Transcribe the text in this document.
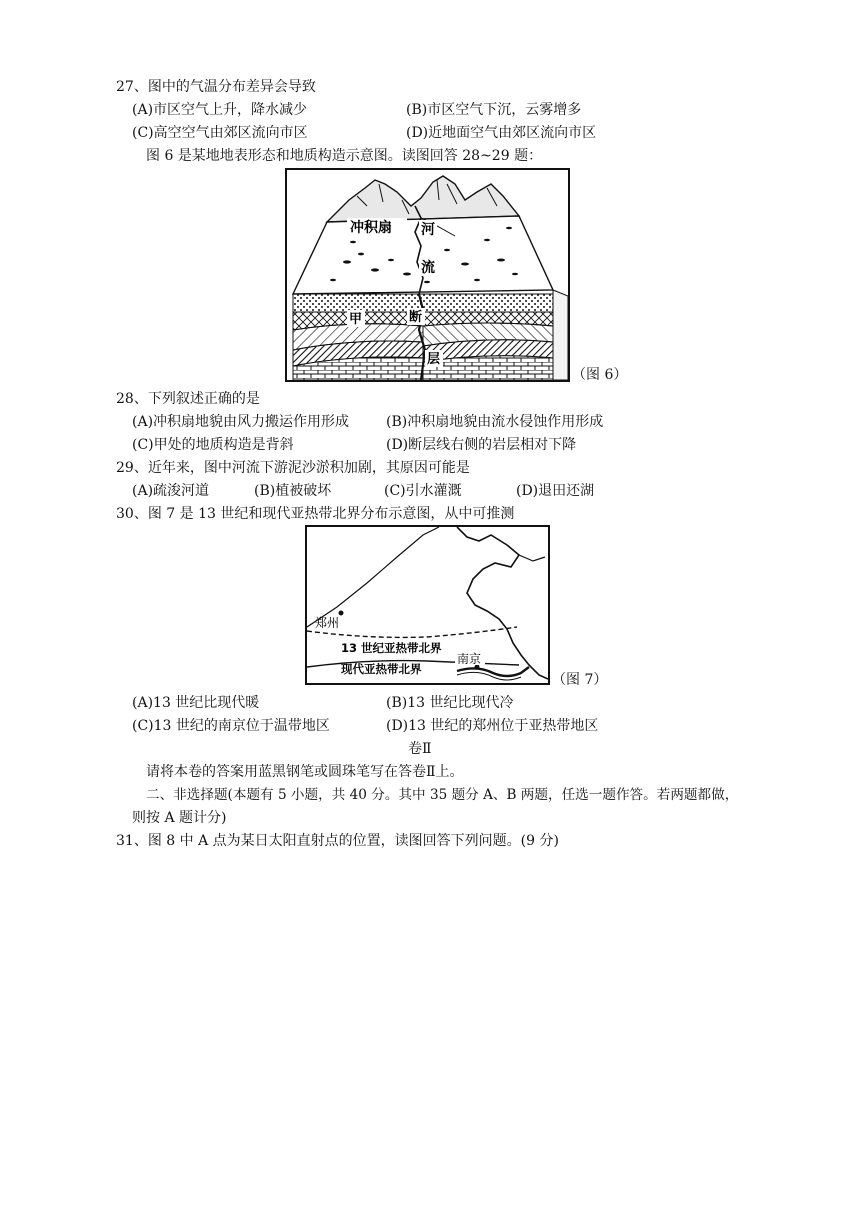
27、图中的气温分布差异会导致
(A)市区空气上升，降水减少	(B)市区空气下沉，云雾增多
(C)高空空气由郊区流向市区	(D)近地面空气由郊区流向市区
图 6 是某地地表形态和地质构造示意图。读图回答 28~29 题：
冲积扇 河
流
甲	断
层
（图 6）
28、下列叙述正确的是
(A)冲积扇地貌由风力搬运作用形成	(B)冲积扇地貌由流水侵蚀作用形成
(C)甲处的地质构造是背斜	(D)断层线右侧的岩层相对下降
29、近年来，图中河流下游泥沙淤积加剧，其原因可能是
(A)疏浚河道	(B)植被破坏	(C)引水灌溉	(D)退田还湖
30、图 7 是 13 世纪和现代亚热带北界分布示意图，从中可推测
郑州
南京
13 世纪亚热带北界
现代亚热带北界
（图 7）
(A)13 世纪比现代暖	(B)13 世纪比现代冷
(C)13 世纪的南京位于温带地区	(D)13 世纪的郑州位于亚热带地区
卷Ⅱ
请将本卷的答案用蓝黑钢笔或圆珠笔写在答卷Ⅱ上。
二、非选择题(本题有 5 小题，共 40 分。其中 35 题分 A、B 两题，任选一题作答。若两题都做，
则按 A 题计分)
31、图 8 中 A 点为某日太阳直射点的位置，读图回答下列问题。(9 分)
